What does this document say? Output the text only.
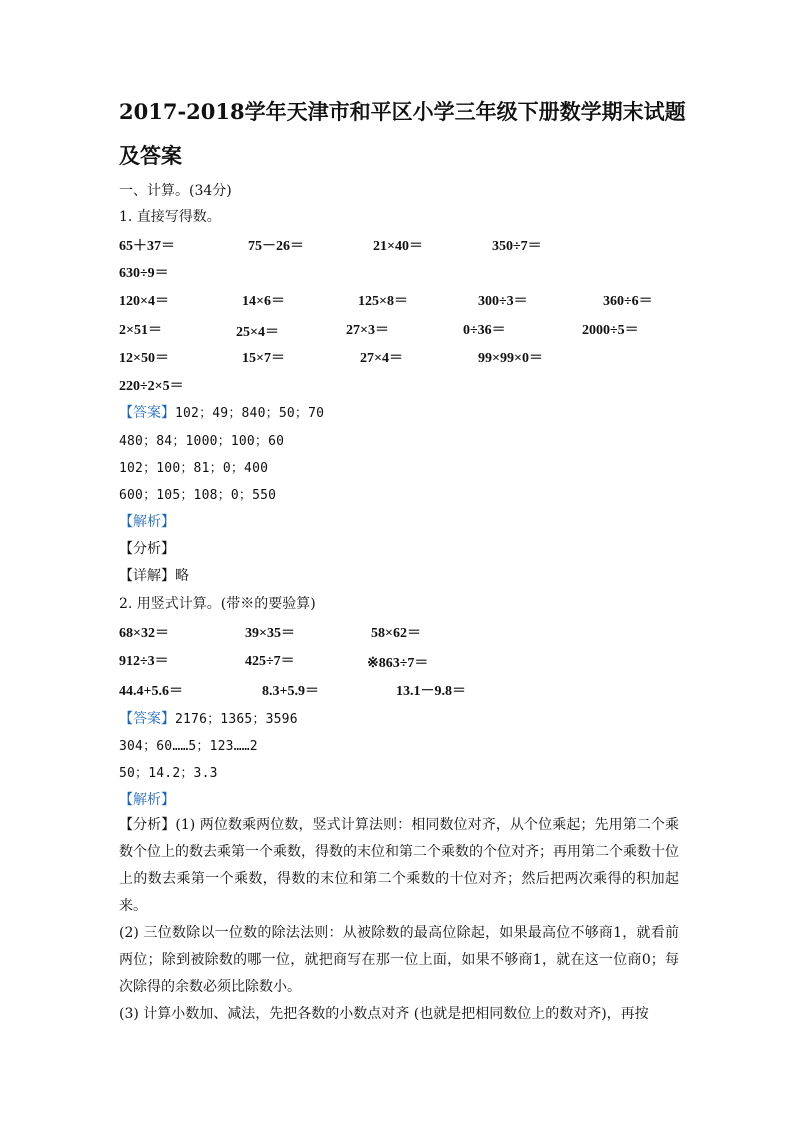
2017-2018学年天津市和平区小学三年级下册数学期末试题
及答案
一、计算。(34分)
1. 直接写得数。
65＋37＝	75－26＝	21×40＝	350÷7＝
630÷9＝
120×4＝	14×6＝	125×8＝	300÷3＝	360÷6＝
2×51＝	25×4＝	27×3＝	0÷36＝	2000÷5＝
12×50＝	15×7＝	27×4＝	99×99×0＝
220÷2×5＝
【答案】102；49；840；50；70
480；84；1000；100；60
102；100；81；0；400
600；105；108；0；550
【解析】
【分析】
【详解】略
2. 用竖式计算。(带※的要验算)
68×32＝	39×35＝	58×62＝
912÷3＝	425÷7＝	※863÷7＝
44.4+5.6＝	8.3+5.9＝	13.1－9.8＝
【答案】2176；1365；3596
304；60……5；123……2
50；14.2；3.3
【解析】
【分析】(1) 两位数乘两位数，竖式计算法则：相同数位对齐，从个位乘起；先用第二个乘数个位上的数去乘第一个乘数，得数的末位和第二个乘数的个位对齐；再用第二个乘数十位上的数去乘第一个乘数，得数的末位和第二个乘数的十位对齐；然后把两次乘得的积加起来。
(2) 三位数除以一位数的除法法则：从被除数的最高位除起，如果最高位不够商1，就看前两位；除到被除数的哪一位，就把商写在那一位上面，如果不够商1，就在这一位商0；每次除得的余数必须比除数小。
(3) 计算小数加、减法，先把各数的小数点对齐 (也就是把相同数位上的数对齐)，再按
